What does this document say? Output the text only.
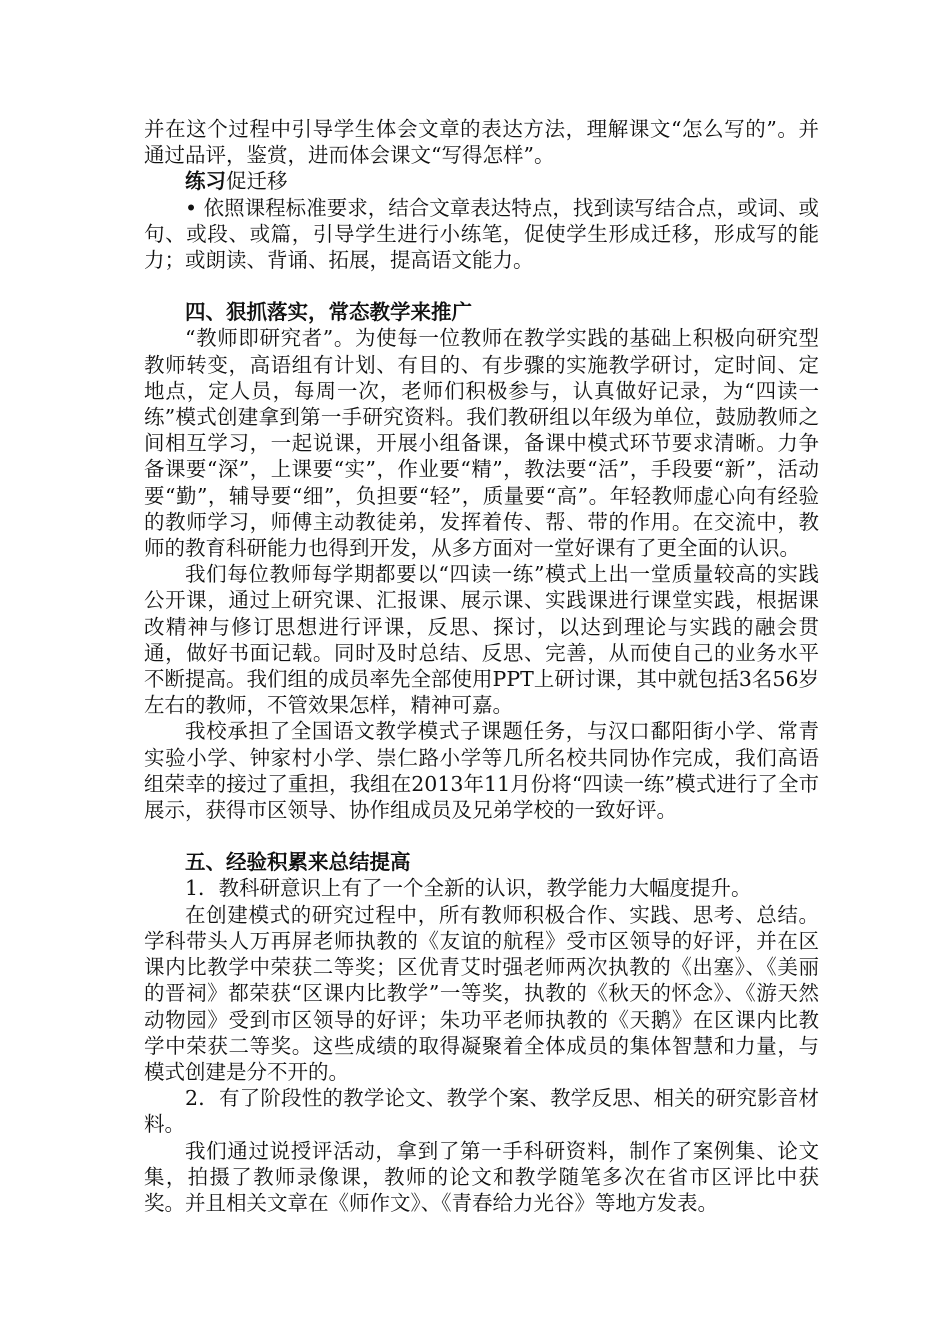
并在这个过程中引导学生体会文章的表达方法，理解课文“怎么写的”。并通过品评，鉴赏，进而体会课文“写得怎样”。

练习促迁移

• 依照课程标准要求，结合文章表达特点，找到读写结合点，或词、或句、或段、或篇，引导学生进行小练笔，促使学生形成迁移，形成写的能力；或朗读、背诵、拓展，提高语文能力。

四、狠抓落实，常态教学来推广

“教师即研究者”。为使每一位教师在教学实践的基础上积极向研究型教师转变，高语组有计划、有目的、有步骤的实施教学研讨，定时间、定地点，定人员，每周一次，老师们积极参与，认真做好记录，为“四读一练”模式创建拿到第一手研究资料。我们教研组以年级为单位，鼓励教师之间相互学习，一起说课，开展小组备课，备课中模式环节要求清晰。力争备课要“深”，上课要“实”，作业要“精”，教法要“活”，手段要“新”，活动要“勤”，辅导要“细”，负担要“轻”，质量要“高”。年轻教师虚心向有经验的教师学习，师傅主动教徒弟，发挥着传、帮、带的作用。在交流中，教师的教育科研能力也得到开发，从多方面对一堂好课有了更全面的认识。

我们每位教师每学期都要以“四读一练”模式上出一堂质量较高的实践公开课，通过上研究课、汇报课、展示课、实践课进行课堂实践，根据课改精神与修订思想进行评课，反思、探讨，以达到理论与实践的融会贯通，做好书面记载。同时及时总结、反思、完善，从而使自己的业务水平不断提高。我们组的成员率先全部使用PPT上研讨课，其中就包括3名56岁左右的教师，不管效果怎样，精神可嘉。

我校承担了全国语文教学模式子课题任务，与汉口鄱阳街小学、常青实验小学、钟家村小学、崇仁路小学等几所名校共同协作完成，我们高语组荣幸的接过了重担，我组在2013年11月份将“四读一练”模式进行了全市展示，获得市区领导、协作组成员及兄弟学校的一致好评。

五、经验积累来总结提高

1．教科研意识上有了一个全新的认识，教学能力大幅度提升。

在创建模式的研究过程中，所有教师积极合作、实践、思考、总结。学科带头人万再屏老师执教的《友谊的航程》受市区领导的好评，并在区课内比教学中荣获二等奖；区优青艾时强老师两次执教的《出塞》、《美丽的晋祠》都荣获“区课内比教学”一等奖，执教的《秋天的怀念》、《游天然动物园》受到市区领导的好评；朱功平老师执教的《天鹅》在区课内比教学中荣获二等奖。这些成绩的取得凝聚着全体成员的集体智慧和力量，与模式创建是分不开的。

2．有了阶段性的教学论文、教学个案、教学反思、相关的研究影音材料。

我们通过说授评活动，拿到了第一手科研资料，制作了案例集、论文集，拍摄了教师录像课，教师的论文和教学随笔多次在省市区评比中获奖。并且相关文章在《师作文》、《青春给力光谷》等地方发表。
